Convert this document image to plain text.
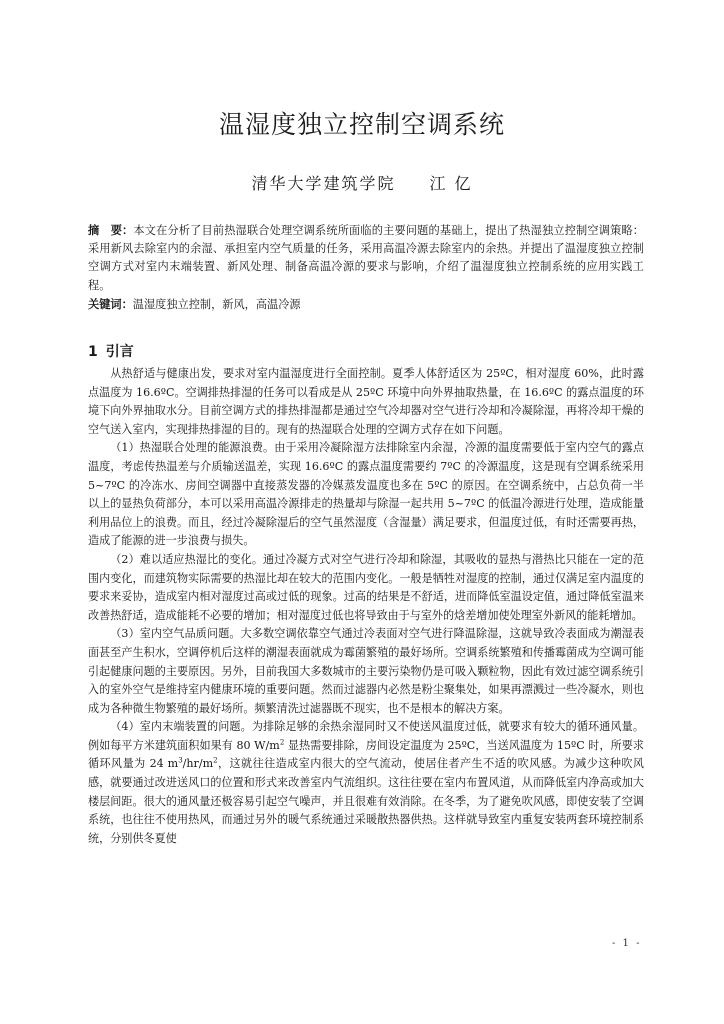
温湿度独立控制空调系统
清华大学建筑学院 江 亿
摘　要：本文在分析了目前热湿联合处理空调系统所面临的主要问题的基础上，提出了热湿独立控制空调策略：采用新风去除室内的余湿、承担室内空气质量的任务，采用高温冷源去除室内的余热。并提出了温湿度独立控制空调方式对室内末端装置、新风处理、制备高温冷源的要求与影响，介绍了温湿度独立控制系统的应用实践工程。
关键词：温湿度独立控制，新风，高温冷源
1 引言

从热舒适与健康出发，要求对室内温湿度进行全面控制。夏季人体舒适区为 25ºC，相对湿度 60%，此时露点温度为 16.6ºC。空调排热排湿的任务可以看成是从 25ºC 环境中向外界抽取热量，在 16.6ºC 的露点温度的环境下向外界抽取水分。目前空调方式的排热排湿都是通过空气冷却器对空气进行冷却和冷凝除湿，再将冷却干燥的空气送入室内，实现排热排湿的目的。现有的热湿联合处理的空调方式存在如下问题。

（1）热湿联合处理的能源浪费。由于采用冷凝除湿方法排除室内余湿，冷源的温度需要低于室内空气的露点温度，考虑传热温差与介质输送温差，实现 16.6ºC 的露点温度需要约 7ºC 的冷源温度，这是现有空调系统采用 5~7ºC 的冷冻水、房间空调器中直接蒸发器的冷媒蒸发温度也多在 5ºC 的原因。在空调系统中，占总负荷一半以上的显热负荷部分，本可以采用高温冷源排走的热量却与除湿一起共用 5~7ºC 的低温冷源进行处理，造成能量利用品位上的浪费。而且，经过冷凝除湿后的空气虽然湿度（含湿量）满足要求，但温度过低，有时还需要再热，造成了能源的进一步浪费与损失。

（2）难以适应热湿比的变化。通过冷凝方式对空气进行冷却和除湿，其吸收的显热与潜热比只能在一定的范围内变化，而建筑物实际需要的热湿比却在较大的范围内变化。一般是牺牲对湿度的控制，通过仅满足室内温度的要求来妥协，造成室内相对湿度过高或过低的现象。过高的结果是不舒适，进而降低室温设定值，通过降低室温来改善热舒适，造成能耗不必要的增加；相对湿度过低也将导致由于与室外的焓差增加使处理室外新风的能耗增加。

（3）室内空气品质问题。大多数空调依靠空气通过冷表面对空气进行降温除湿，这就导致冷表面成为潮湿表面甚至产生积水，空调停机后这样的潮湿表面就成为霉菌繁殖的最好场所。空调系统繁殖和传播霉菌成为空调可能引起健康问题的主要原因。另外，目前我国大多数城市的主要污染物仍是可吸入颗粒物，因此有效过滤空调系统引入的室外空气是维持室内健康环境的重要问题。然而过滤器内必然是粉尘聚集处，如果再漂溅过一些冷凝水，则也成为各种微生物繁殖的最好场所。频繁清洗过滤器既不现实，也不是根本的解决方案。

（4）室内末端装置的问题。为排除足够的余热余湿同时又不使送风温度过低，就要求有较大的循环通风量。例如每平方米建筑面积如果有 80 $W/m^2$ 显热需要排除，房间设定温度为 25ºC，当送风温度为 15ºC 时，所要求循环风量为 24 $m^3/hr/m^2$，这就往往造成室内很大的空气流动，使居住者产生不适的吹风感。为减少这种吹风感，就要通过改进送风口的位置和形式来改善室内气流组织。这往往要在室内布置风道，从而降低室内净高或加大楼层间距。很大的通风量还极容易引起空气噪声，并且很难有效消除。在冬季，为了避免吹风感，即使安装了空调系统，也往往不使用热风，而通过另外的暖气系统通过采暖散热器供热。这样就导致室内重复安装两套环境控制系统，分别供冬夏使

- 1 -
